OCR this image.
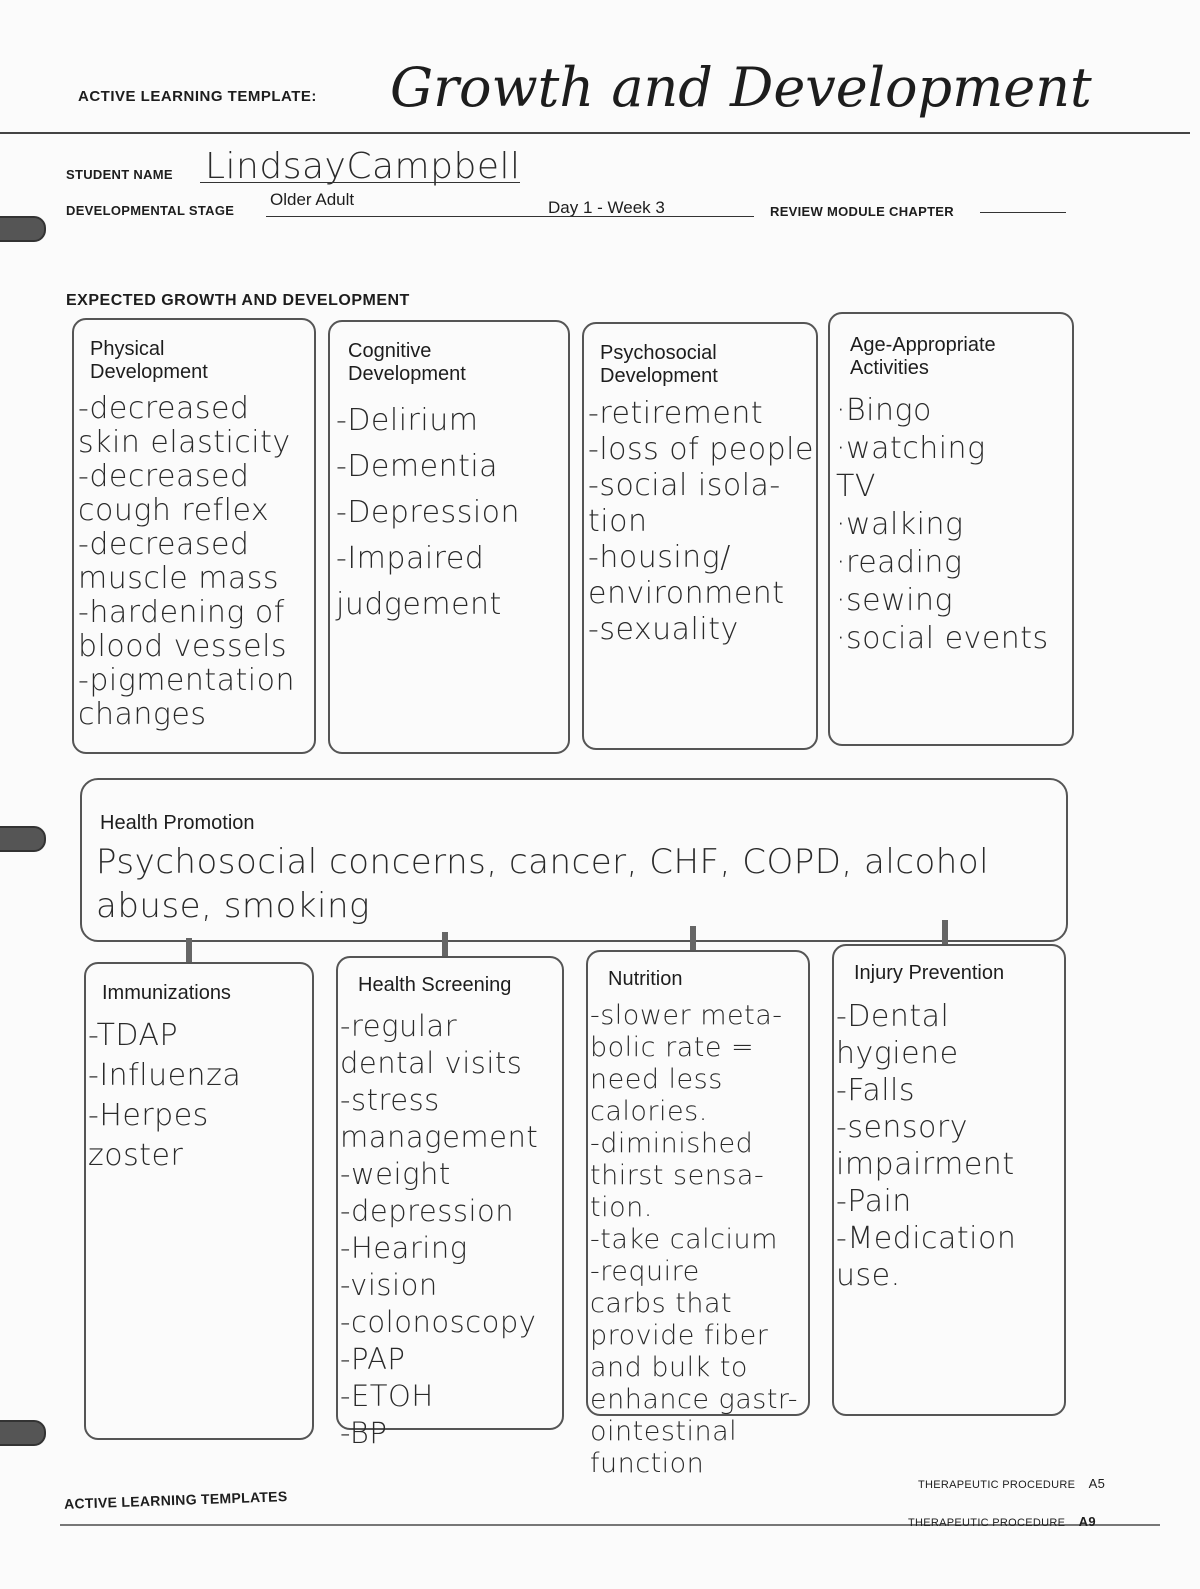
ACTIVE LEARNING TEMPLATE: Growth and Development
STUDENT NAME LindsayCampbell
DEVELOPMENTAL STAGE
Older Adult	Day 1 - Week 3	REVIEW MODULE CHAPTER
EXPECTED GROWTH AND DEVELOPMENT
Physical
Development
-decreased
skin elasticity
-decreased
cough reflex
-decreased
muscle mass
-hardening of
blood vessels
-pigmentation
changes
Cognitive
Development
-Delirium
-Dementia
-Depression
-Impaired
judgement
Psychosocial
Development
-retirement
-loss of people
-social isola-
tion
-housing/
environment
-sexuality
Age-Appropriate
Activities
·Bingo
·watching
TV
·walking
·reading
·sewing
·social events
Health Promotion
Psychosocial concerns, cancer, CHF, COPD, alcohol abuse, smoking
Immunizations
-TDAP
-Influenza
-Herpes
zoster
Health Screening
-regular
dental visits
-stress
management
-weight
-depression
-Hearing
-vision
-colonoscopy
-PAP
-ETOH
-BP
Nutrition
-slower meta-
bolic rate =
need less
calories.
-diminished
thirst sensa-
tion.
-take calcium
-require
carbs that
provide fiber
and bulk to
enhance gastr-
ointestinal
function
Injury Prevention
-Dental
hygiene
-Falls
-sensory
impairment
-Pain
-Medication
use.
ACTIVE LEARNING TEMPLATES
THERAPEUTIC PROCEDURE A5
THERAPEUTIC PROCEDURE A9
